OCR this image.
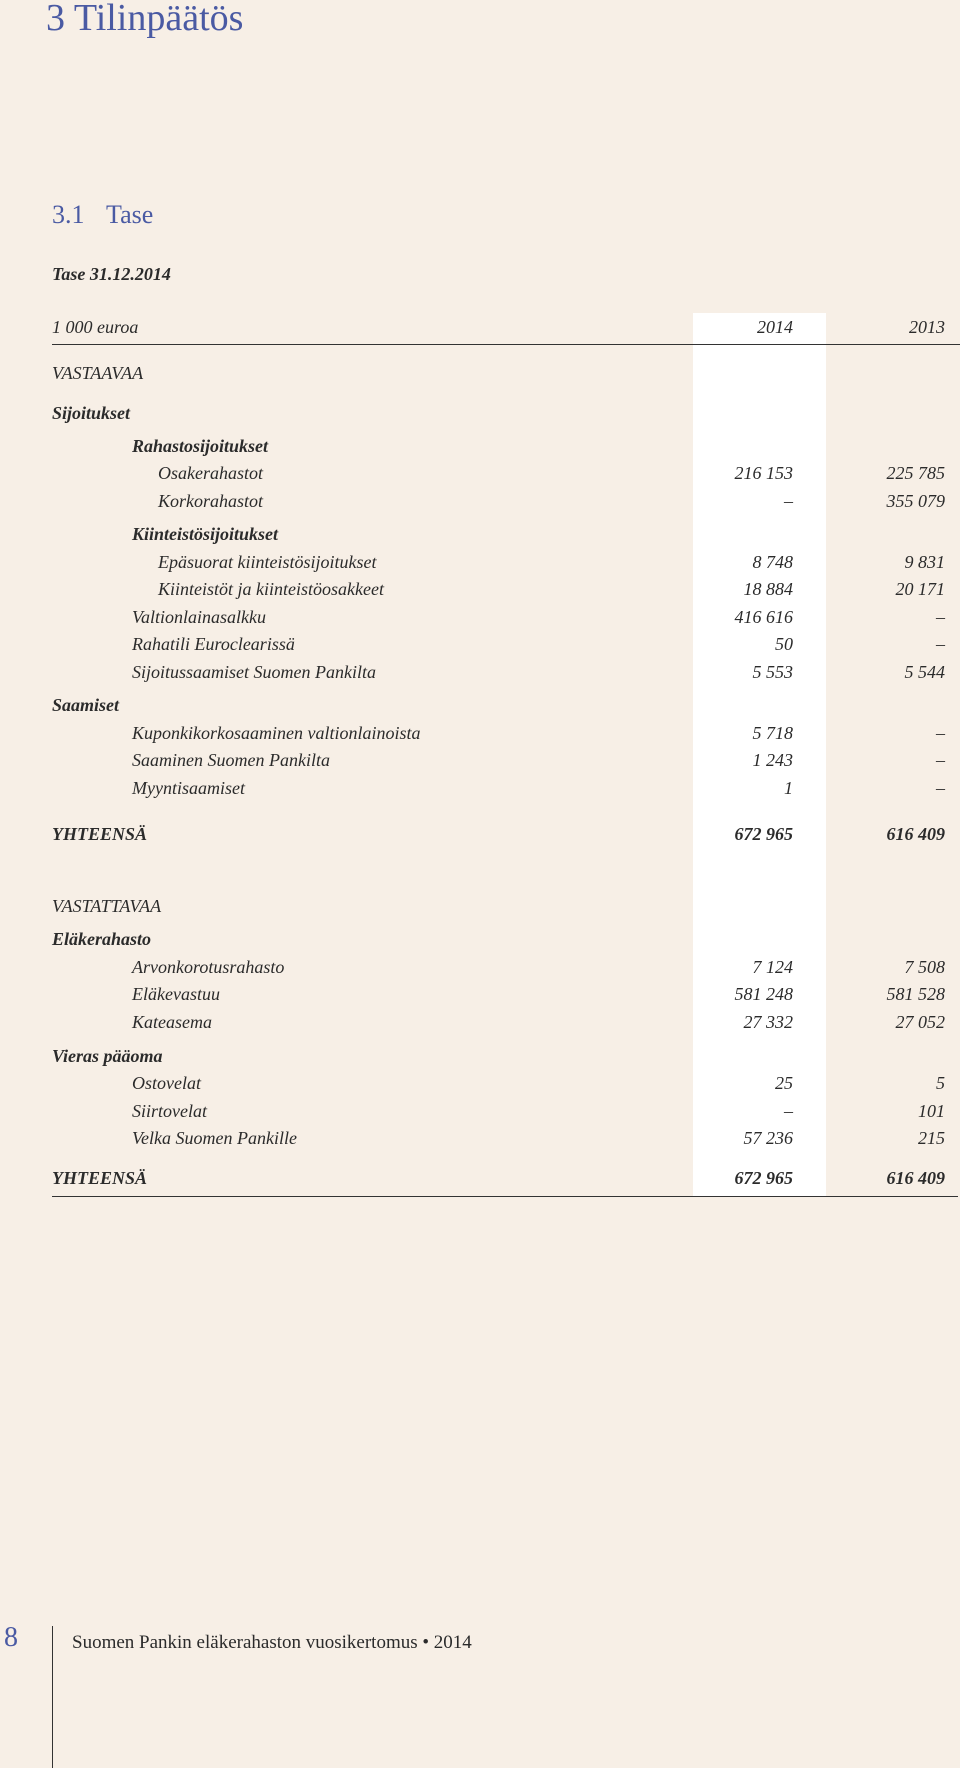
3 Tilinpäätös
3.1 Tase

Tase 31.12.2014

1 000 euroa	2014	2013
VASTAAVAA
Sijoitukset
Rahastosijoitukset
Osakerahastot	216 153	225 785
Korkorahastot	–	355 079
Kiinteistösijoitukset
Epäsuorat kiinteistösijoitukset	8 748	9 831
Kiinteistöt ja kiinteistöosakkeet	18 884	20 171
Valtionlainasalkku	416 616	–
Rahatili Euroclearissä	50	–
Sijoitussaamiset Suomen Pankilta	5 553	5 544
Saamiset
Kuponkikorkosaaminen valtionlainoista	5 718	–
Saaminen Suomen Pankilta	1 243	–
Myyntisaamiset	1	–
YHTEENSÄ	672 965	616 409
VASTATTAVAA
Eläkerahasto
Arvonkorotusrahasto	7 124	7 508
Eläkevastuu	581 248	581 528
Kateasema	27 332	27 052
Vieras pääoma
Ostovelat	25	5
Siirtovelat	–	101
Velka Suomen Pankille	57 236	215
YHTEENSÄ	672 965	616 409
8	Suomen Pankin eläkerahaston vuosikertomus • 2014
